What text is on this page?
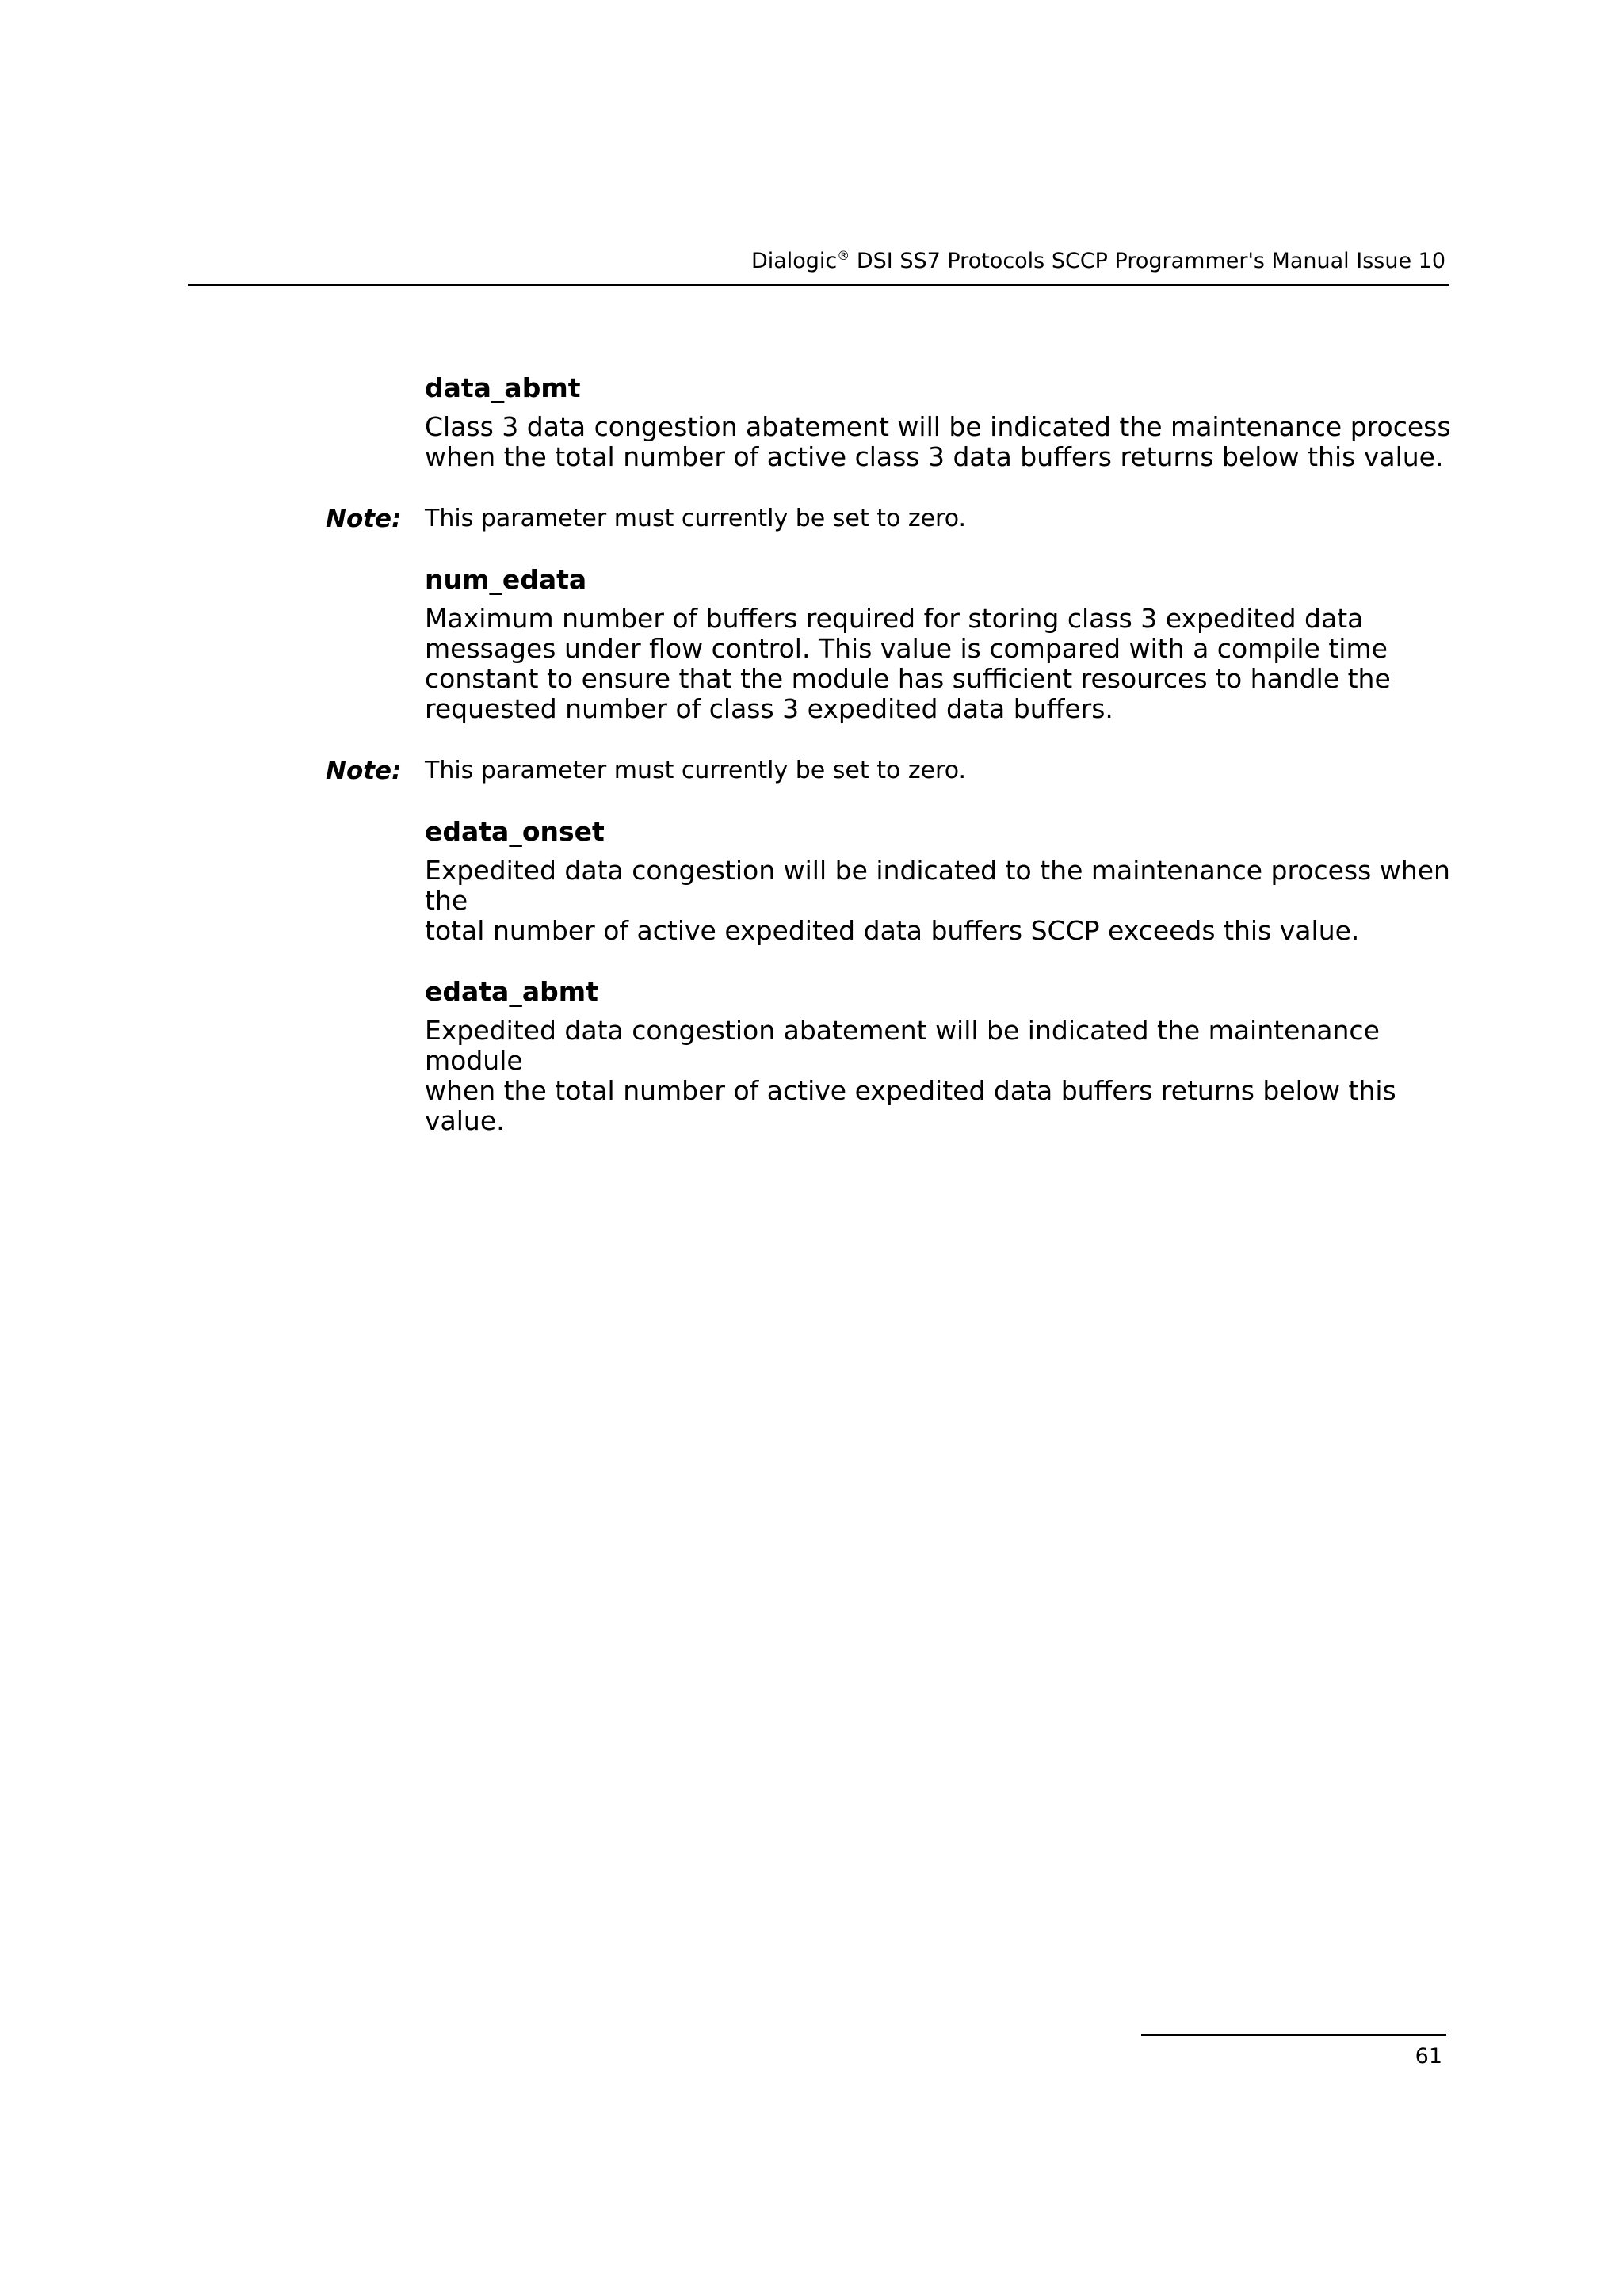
Dialogic® DSI SS7 Protocols SCCP Programmer's Manual Issue 10
data_abmt
Class 3 data congestion abatement will be indicated the maintenance process
when the total number of active class 3 data buffers returns below this value.
Note: This parameter must currently be set to zero.
num_edata
Maximum number of buffers required for storing class 3 expedited data
messages under flow control. This value is compared with a compile time
constant to ensure that the module has sufficient resources to handle the
requested number of class 3 expedited data buffers.
Note: This parameter must currently be set to zero.
edata_onset
Expedited data congestion will be indicated to the maintenance process when the
total number of active expedited data buffers SCCP exceeds this value.
edata_abmt
Expedited data congestion abatement will be indicated the maintenance module
when the total number of active expedited data buffers returns below this value.
61
